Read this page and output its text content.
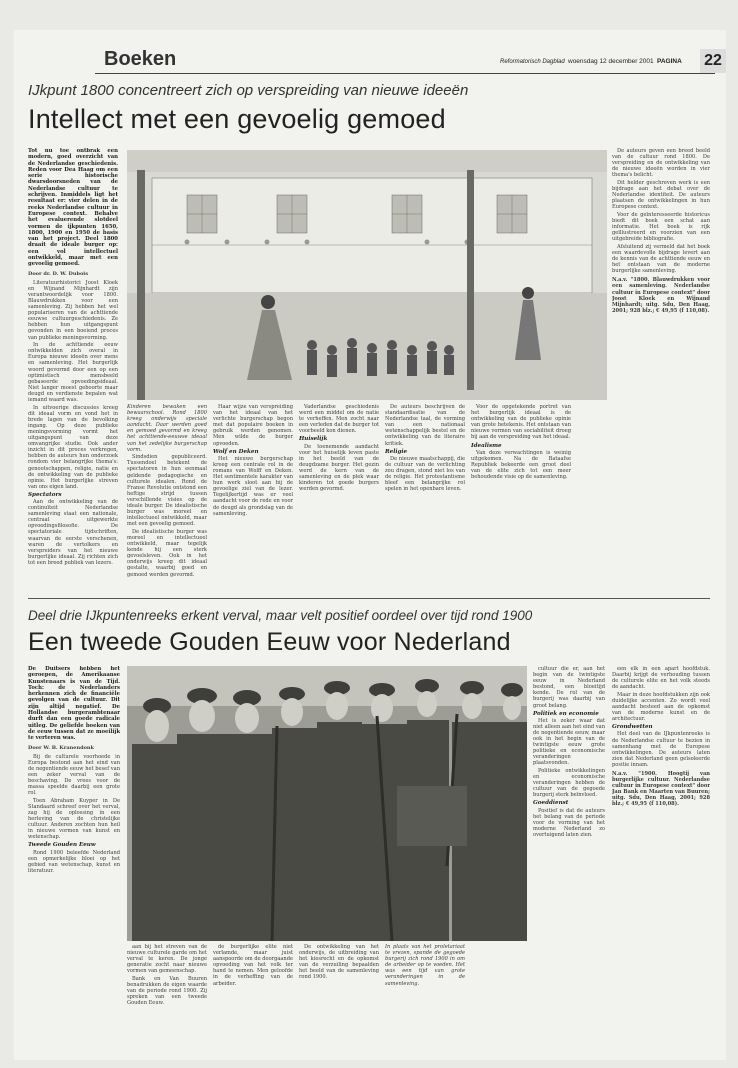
Boeken	Reformatorisch Dagblad woensdag 12 december 2001 PAGINA 22
IJkpunt 1800 concentreert zich op verspreiding van nieuwe ideeën
Intellect met een gevoelig gemoed

Tot nu toe ontbrak een modern, goed overzicht van de Nederlandse geschiedenis. Reden voor Dea Haag om een serie historische dwarsdoorsneden van de Nederlandse cultuur te schrijven. Inmiddels ligt het resultaat er: vier delen in de reeks Nederlandse cultuur in Europese context. Behalve het evaluerende slotdeel vormen de ijkpunten 1650, 1800, 1900 en 1950 de basis van het project. Deel 1800 draait de ideale burger op: een vol intellectuel ontwikkeld, maar met een gevoelig gemoed.

Door dr. D. W. Dubois

Literatuurhistorici Joost Kloek en Wijnand Mijnhardt zijn verantwoordelijk voor 1800. Blauwdrukken voor een samenleving. Zij hebben het wel populariseren van de achttiende eeuwse cultuurgeschiedenis. Ze hebben hun uitgangspunt gevonden in een boeiend proces van publieke meningsvorming.

In de achttiende eeuw ontwikkelden zich overal in Europa nieuwe ideeën over mens en samenleving. Het burgerlijk woord gevormd door een op een optimistisch mensbeeld gebaseerde opvoedingsideaal. Niet langer moest geboorte maar deugd en verdienste bepalen wat iemand waard was.

In uitvoerige discussies kreeg dit ideaal vorm en vond het in brede lagen van de bevolking ingang. Op deze publieke meningsvorming vormt het uitgangspunt van deze omvangrijke studie. Ook ander inzicht in dit proces verkregen, hebben de auteurs hun onderzoek rondom vier belangrijke thema's: genootschappen, religie, natie en de ontwikkeling van de publieke opinie. Het burgerlijke streven van ons eigen land.

Spectators

Aan de ontwikkeling van de continuïteit Nederlandse samenleving staat een nationale, centraal uitgewerkte opvoedingsfilosofie. De spectatoriale tijdschriften, waarvan de eerste verschenen, waren de vertolkers en verspreiders van het nieuwe burgerlijke ideaal. Zij richten zich tot een breed publiek van lezers.

Kinderen bewaken een bewaarschool. Rond 1800 kreeg onderwijs speciale aandacht. Daar werden goed en gemoed gevormd en kreeg het achttiende-eeuwse ideaal van het zedelijke burgerschap vorm.

Sindsdien gepubliceerd. Tussendoel betekent de spectatoren in hun eenmaal geldende pedagogische en culturele idealen. Rond de Franse Revolutie ontstond een heftige strijd tussen verschillende visies op de ideale burger. De idealistische burger was moreel en intellectueel ontwikkeld, maar met een gevoelig gemoed.

De idealistische burger was moreel en intellectueel ontwikkeld, maar tegelijk kende hij een sterk gevoelsleven. Ook in het onderwijs kreeg dit ideaal gestalte, waarbij goed en gemoed werden gevormd.

Haar wijze van verspreiding van het ideaal van het verlichte burgerschap begon met dat populaire boeken in gebruik werden genomen. Men wilde de burger opvoeden.

Wolf en Deken

Het nieuwe burgerschap kreeg een centrale rol in de romans van Wolff en Deken. Het sentimentele karakter van hun werk sloot aan bij de gevoelige ziel van de lezer. Tegelijkertijd was er veel aandacht voor de rede en voor de deugd als grondslag van de samenleving.

Vaderlandse geschiedenis werd een middel om de natie te verheffen. Men zocht naar een verleden dat de burger tot voorbeeld kon dienen.

Huiselijk

De toenemende aandacht voor het huiselijk leven paste in het beeld van de deugdzame burger. Het gezin werd de kern van de samenleving en de plek waar kinderen tot goede burgers werden gevormd.

De auteurs beschrijven de standaardisatie van de Nederlandse taal, de vorming van een nationaal wetenschappelijk bestel en de ontwikkeling van de literaire kritiek.

Religie

De nieuwe maatschappij, die de cultuur van de verlichting zou dragen, stond niet los van de religie. Het protestantisme bleef een belangrijke rol spelen in het openbare leven.

Voor de opgetekende portret van het burgerlijk ideaal is de ontwikkeling van de publieke opinie van grote betekenis. Het ontstaan van nieuwe vormen van sociabiliteit droeg bij aan de verspreiding van het ideaal.

Idealisme

Van deze verwachtingen is weinig uitgekomen. Na de Bataafse Republiek bekeerde een groot deel van de elite zich tot een meer behoudende visie op de samenleving.

De auteurs geven een breed beeld van de cultuur rond 1800. De verspreiding en de ontwikkeling van de nieuwe ideeën worden in vier thema's belicht.

Dit helder geschreven werk is een bijdrage aan het debat over de Nederlandse identiteit. De auteurs plaatsen de ontwikkelingen in hun Europese context.

Voor de geïnteresseerde historicus biedt dit boek een schat aan informatie. Het boek is rijk geïllustreerd en voorzien van een uitgebreide bibliografie.

Afsluitend zij vermeld dat het boek een waardevolle bijdrage levert aan de kennis van de achttiende eeuw en het ontstaan van de moderne burgerlijke samenleving.

N.a.v. "1800. Blauwdrukken voor een samenleving. Nederlandse cultuur in Europese context" door Joost Kloek en Wijnand Mijnhardt; uitg. Sdu, Den Haag, 2001; 928 blz.; € 49,95 (f 110,08).

Deel drie IJkpuntenreeks erkent verval, maar velt positief oordeel over tijd rond 1900
Een tweede Gouden Eeuw voor Nederland

De Duitsers hebben het geroepen, de Amerikaanse Kunstenaars is van de Tijd. Toch: de Nederlanders herkennen zich de financiële gevolgen van de cultuur. Dit zijn altijd negatief. De Hollandse burgerambtenaar durft dan een goede radicale uitleg. De geliefde boeken van de eeuw tussen dat ze moeilijk te verteren was.

Door W. B. Kranendonk

Bij de culturele voorhoede in Europa bestond aan het eind van de negentiende eeuw het besef van een zeker verval van de beschaving. De vrees voor de massa speelde daarbij een grote rol.

Toen Abraham Kuyper in De Standaard schreef over het verval, zag hij de oplossing in een herleving van de christelijke cultuur. Anderen zochten hun heil in nieuwe vormen van kunst en wetenschap.

Tweede Gouden Eeuw

Rond 1900 beleefde Nederland een opmerkelijke bloei op het gebied van wetenschap, kunst en literatuur.

aan bij het streven van de nieuwe culturele garde om het verval te keren. De jonge generatie zocht naar nieuwe vormen van gemeenschap.

Bank en Van Buuren benadrukken de eigen waarde van de periode rond 1900. Zij spreken van een tweede Gouden Eeuw.

de burgerlijke elite niet verlamde, maar juist aanspoorde om de doorgaande opvoeding van het volk ter hand te nemen. Men geloofde in de verheffing van de arbeider.

De ontwikkeling van het onderwijs, de uitbreiding van het kiesrecht en de opkomst van de verzuiling bepaalden het beeld van de samenleving rond 1900.

In plaats van het proletariaat te vrezen, spande de gegoede burgerij zich rond 1900 in om de arbeider op te voeden. Het was een tijd van grote veranderingen in de samenleving.

cultuur die er, aan het begin van de twintigste eeuw in Nederland bestond, een bloeitijd kende. De rol van de burgerij was daarbij van groot belang.

Politiek en economie

Het is zeker waar dat niet alleen aan het eind van de negentiende eeuw, maar ook in het begin van de twintigste eeuw grote politieke en economische veranderingen plaatsvonden.

Politieke ontwikkelingen en economische veranderingen hebben de cultuur van de gegoede burgerij sterk beïnvloed.

Goeddienst

Positief is dat de auteurs het belang van de periode voor de vorming van het moderne Nederland zo overtuigend laten zien.

een elk in een apart hoofdstuk. Daarbij krijgt de verhouding tussen de culturele elite en het volk steeds de aandacht.

Maar in deze hoofdstukken zijn ook duidelijke accenten. Zo wordt veel aandacht besteed aan de opkomst van de moderne kunst en de architectuur.

Grondwetten

Het deel van de IJkpuntenreeks is de Nederlandse cultuur te bezien in samenhang met de Europese ontwikkelingen. De auteurs laten zien dat Nederland geen geïsoleerde positie innam.

N.a.v. "1900. Hoogtij van burgerlijke cultuur. Nederlandse cultuur in Europese context" door Jan Bank en Maarten van Buuren; uitg. Sdu, Den Haag, 2001; 928 blz.; € 49,95 (f 110,08).
